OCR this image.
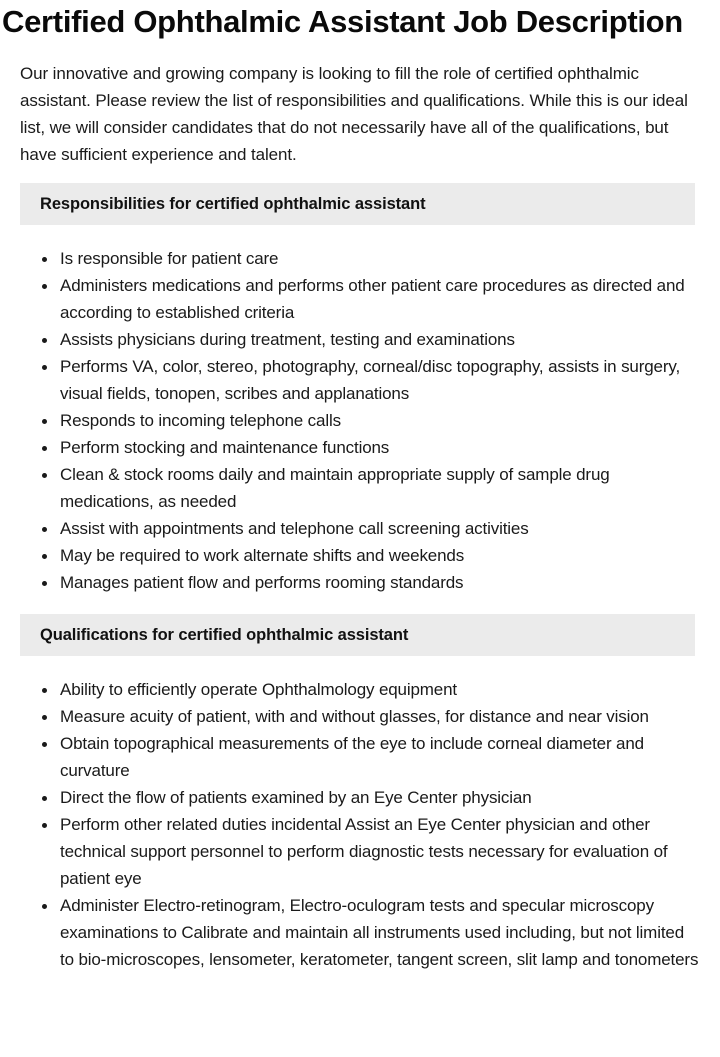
Certified Ophthalmic Assistant Job Description

Our innovative and growing company is looking to fill the role of certified ophthalmic assistant. Please review the list of responsibilities and qualifications. While this is our ideal list, we will consider candidates that do not necessarily have all of the qualifications, but have sufficient experience and talent.

Responsibilities for certified ophthalmic assistant
Is responsible for patient care
Administers medications and performs other patient care procedures as directed and according to established criteria
Assists physicians during treatment, testing and examinations
Performs VA, color, stereo, photography, corneal/disc topography, assists in surgery, visual fields, tonopen, scribes and applanations
Responds to incoming telephone calls
Perform stocking and maintenance functions
Clean & stock rooms daily and maintain appropriate supply of sample drug medications, as needed
Assist with appointments and telephone call screening activities
May be required to work alternate shifts and weekends
Manages patient flow and performs rooming standards
Qualifications for certified ophthalmic assistant
Ability to efficiently operate Ophthalmology equipment
Measure acuity of patient, with and without glasses, for distance and near vision
Obtain topographical measurements of the eye to include corneal diameter and curvature
Direct the flow of patients examined by an Eye Center physician
Perform other related duties incidental Assist an Eye Center physician and other technical support personnel to perform diagnostic tests necessary for evaluation of patient eye
Administer Electro-retinogram, Electro-oculogram tests and specular microscopy examinations to Calibrate and maintain all instruments used including, but not limited to bio-microscopes, lensometer, keratometer, tangent screen, slit lamp and tonometers
